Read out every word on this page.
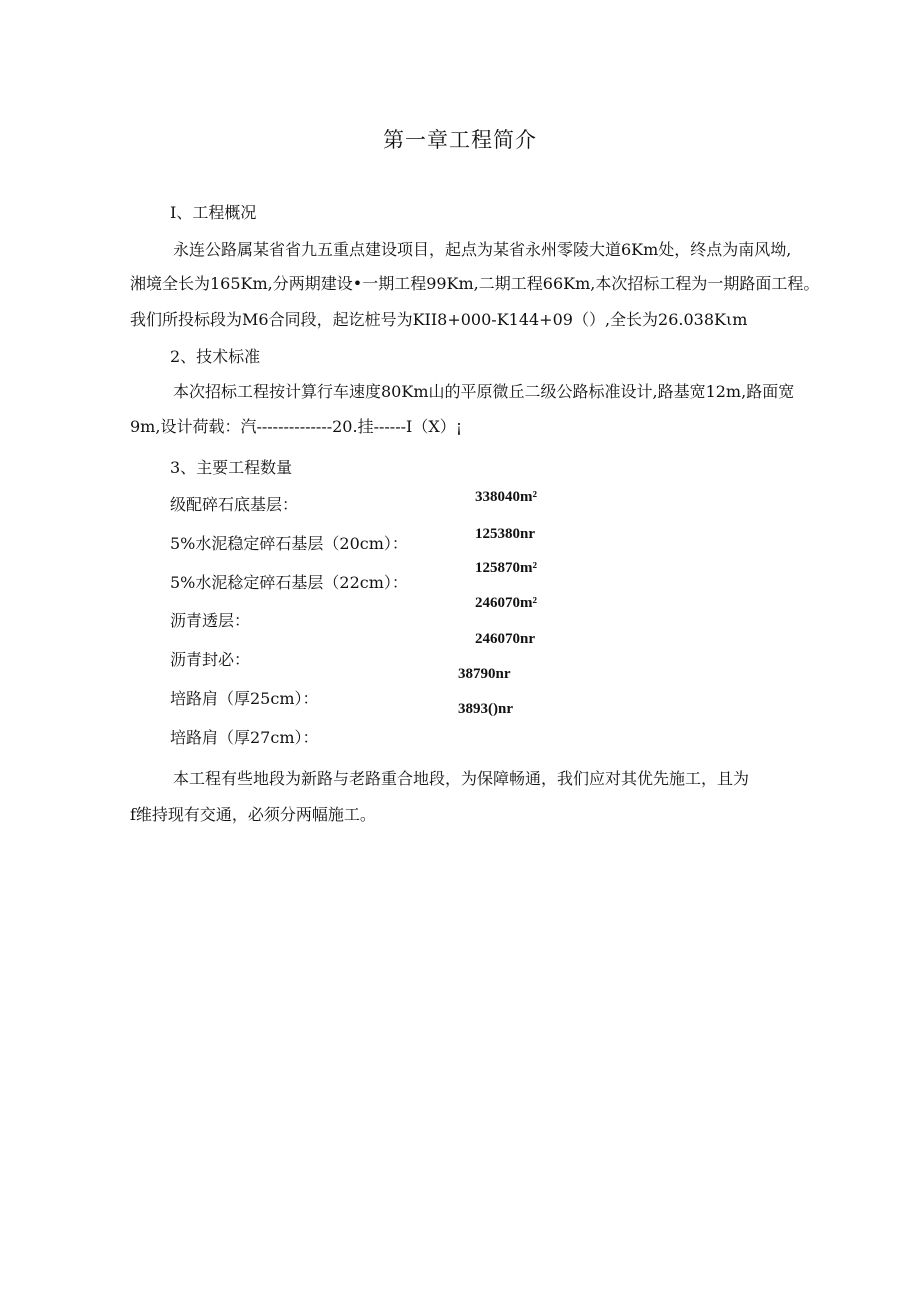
第一章工程简介
I、工程概况
永连公路属某省省九五重点建设项目，起点为某省永州零陵大道6Km处，终点为南风坳,
湘境全长为165Km,分两期建设•一期工程99Km,二期工程66Km,本次招标工程为一期路面工程。
我们所投标段为M6合同段，起讫桩号为KII8+000-K144+09（）,全长为26.038Kιm
2、技术标准
本次招标工程按计算行车速度80Km山的平原微丘二级公路标准设计,路基宽12m,路面宽
9m,设计荷载：汽--------------20.挂------I（X）¡
3、主要工程数量
级配碎石底基层：
5%水泥稳定碎石基层（20cm）：
5%水泥稔定碎石基层（22cm）：
沥青透层：
沥青封必：
培路肩（厚25cm）：
培路肩（厚27cm）：
338040m²
125380nr
125870m²
246070m²
246070nr
38790nr
3893()nr
本工程有些地段为新路与老路重合地段，为保障畅通，我们应对其优先施工，且为
f维持现有交通，必须分两幅施工。
